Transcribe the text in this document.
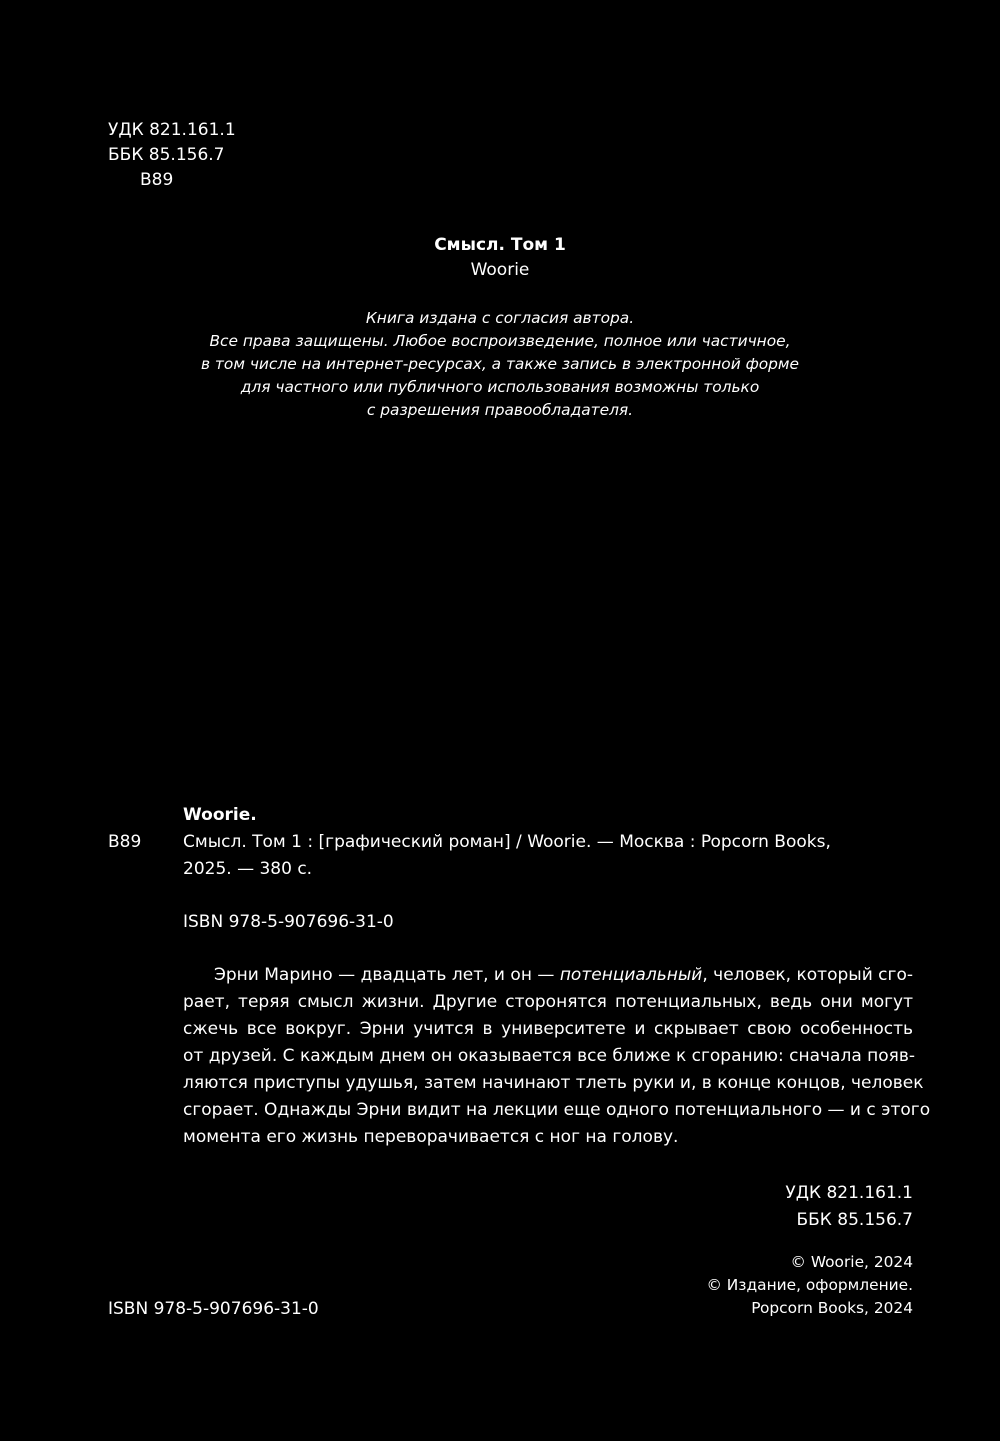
УДК 821.161.1
ББК 85.156.7
В89
Смысл. Том 1
Woorie
Книга издана с согласия автора.
Все права защищены. Любое воспроизведение, полное или частичное,
в том числе на интернет-ресурсах, а также запись в электронной форме
для частного или публичного использования возможны только
с разрешения правообладателя.
Woorie.
В89 Смысл. Том 1 : [графический роман] / Woorie. — Москва : Popcorn Books,
2025. — 380 с.
ISBN 978-5-907696-31-0
Эрни Марино — двадцать лет, и он — потенциальный, человек, который сго-
рает, теряя смысл жизни. Другие сторонятся потенциальных, ведь они могут
сжечь все вокруг. Эрни учится в университете и скрывает свою особенность
от друзей. С каждым днем он оказывается все ближе к сгоранию: сначала появ-
ляются приступы удушья, затем начинают тлеть руки и, в конце концов, человек
сгорает. Однажды Эрни видит на лекции еще одного потенциального — и с этого
момента его жизнь переворачивается с ног на голову.
УДК 821.161.1
ББК 85.156.7
© Woorie, 2024
© Издание, оформление.
Popcorn Books, 2024
ISBN 978-5-907696-31-0
